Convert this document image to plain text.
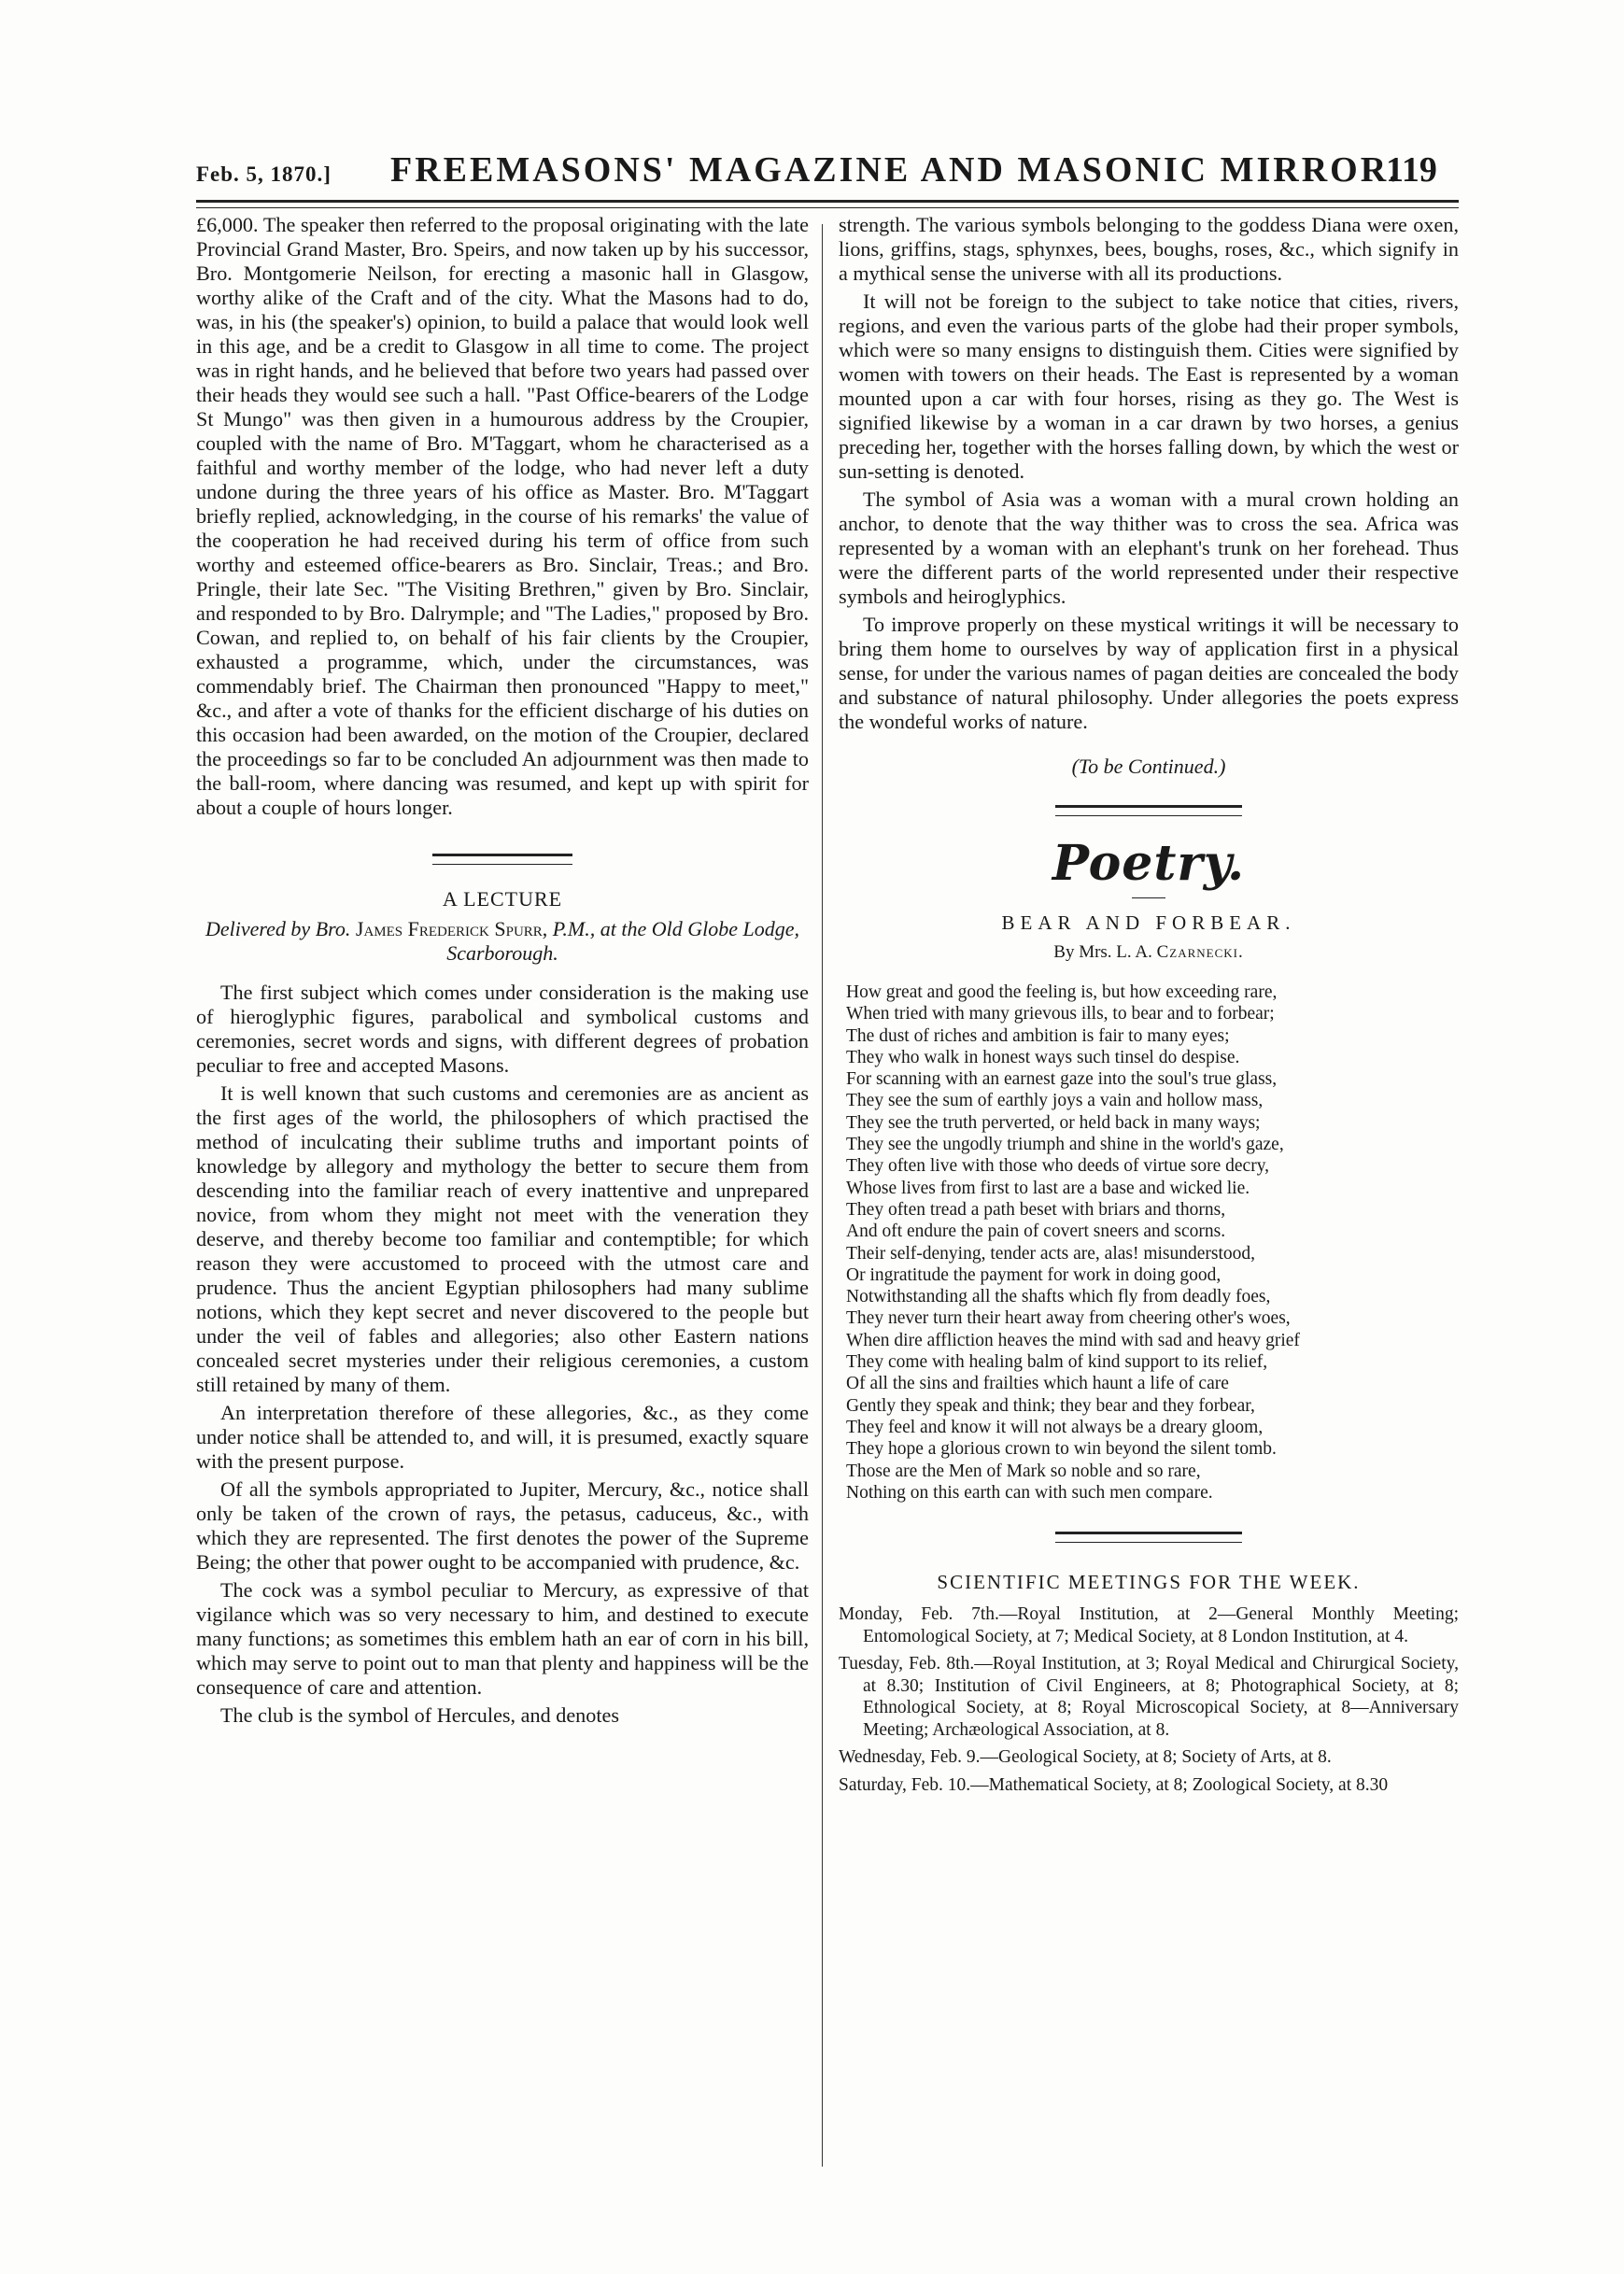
Feb. 5, 1870.] FREEMASONS' MAGAZINE AND MASONIC MIRROR.
119

£6,000. The speaker then referred to the proposal originating with the late Provincial Grand Master, Bro. Speirs, and now taken up by his successor, Bro. Montgomerie Neilson, for erecting a masonic hall in Glasgow, worthy alike of the Craft and of the city. What the Masons had to do, was, in his (the speaker's) opinion, to build a palace that would look well in this age, and be a credit to Glasgow in all time to come. The project was in right hands, and he believed that before two years had passed over their heads they would see such a hall. "Past Office-bearers of the Lodge St Mungo" was then given in a humourous address by the Croupier, coupled with the name of Bro. M'Taggart, whom he characterised as a faithful and worthy member of the lodge, who had never left a duty undone during the three years of his office as Master. Bro. M'Taggart briefly replied, acknowledging, in the course of his remarks' the value of the cooperation he had received during his term of office from such worthy and esteemed office-bearers as Bro. Sinclair, Treas.; and Bro. Pringle, their late Sec. "The Visiting Brethren," given by Bro. Sinclair, and responded to by Bro. Dalrymple; and "The Ladies," proposed by Bro. Cowan, and replied to, on behalf of his fair clients by the Croupier, exhausted a programme, which, under the circumstances, was commendably brief. The Chairman then pronounced "Happy to meet," &c., and after a vote of thanks for the efficient discharge of his duties on this occasion had been awarded, on the motion of the Croupier, declared the proceedings so far to be concluded An adjournment was then made to the ball-room, where dancing was resumed, and kept up with spirit for about a couple of hours longer.

A LECTURE

Delivered by Bro. James Frederick Spurr, P.M., at the Old Globe Lodge, Scarborough.

The first subject which comes under consideration is the making use of hieroglyphic figures, parabolical and symbolical customs and ceremonies, secret words and signs, with different degrees of probation peculiar to free and accepted Masons.

It is well known that such customs and ceremonies are as ancient as the first ages of the world, the philosophers of which practised the method of inculcating their sublime truths and important points of knowledge by allegory and mythology the better to secure them from descending into the familiar reach of every inattentive and unprepared novice, from whom they might not meet with the veneration they deserve, and thereby become too familiar and contemptible; for which reason they were accustomed to proceed with the utmost care and prudence. Thus the ancient Egyptian philosophers had many sublime notions, which they kept secret and never discovered to the people but under the veil of fables and allegories; also other Eastern nations concealed secret mysteries under their religious ceremonies, a custom still retained by many of them.

An interpretation therefore of these allegories, &c., as they come under notice shall be attended to, and will, it is presumed, exactly square with the present purpose.

Of all the symbols appropriated to Jupiter, Mercury, &c., notice shall only be taken of the crown of rays, the petasus, caduceus, &c., with which they are represented. The first denotes the power of the Supreme Being; the other that power ought to be accompanied with prudence, &c.

The cock was a symbol peculiar to Mercury, as expressive of that vigilance which was so very necessary to him, and destined to execute many functions; as sometimes this emblem hath an ear of corn in his bill, which may serve to point out to man that plenty and happiness will be the consequence of care and attention.

The club is the symbol of Hercules, and denotes

strength. The various symbols belonging to the goddess Diana were oxen, lions, griffins, stags, sphynxes, bees, boughs, roses, &c., which signify in a mythical sense the universe with all its productions.

It will not be foreign to the subject to take notice that cities, rivers, regions, and even the various parts of the globe had their proper symbols, which were so many ensigns to distinguish them. Cities were signified by women with towers on their heads. The East is represented by a woman mounted upon a car with four horses, rising as they go. The West is signified likewise by a woman in a car drawn by two horses, a genius preceding her, together with the horses falling down, by which the west or sun-setting is denoted.

The symbol of Asia was a woman with a mural crown holding an anchor, to denote that the way thither was to cross the sea. Africa was represented by a woman with an elephant's trunk on her forehead. Thus were the different parts of the world represented under their respective symbols and heiroglyphics.

To improve properly on these mystical writings it will be necessary to bring them home to ourselves by way of application first in a physical sense, for under the various names of pagan deities are concealed the body and substance of natural philosophy. Under allegories the poets express the wondeful works of nature.

(To be Continued.)

Poetry.

BEAR AND FORBEAR.

By Mrs. L. A. Czarnecki.

How great and good the feeling is, but how exceeding rare,
When tried with many grievous ills, to bear and to forbear;
The dust of riches and ambition is fair to many eyes;
They who walk in honest ways such tinsel do despise.
For scanning with an earnest gaze into the soul's true glass,
They see the sum of earthly joys a vain and hollow mass,
They see the truth perverted, or held back in many ways;
They see the ungodly triumph and shine in the world's gaze,
They often live with those who deeds of virtue sore decry,
Whose lives from first to last are a base and wicked lie.
They often tread a path beset with briars and thorns,
And oft endure the pain of covert sneers and scorns.
Their self-denying, tender acts are, alas! misunderstood,
Or ingratitude the payment for work in doing good,
Notwithstanding all the shafts which fly from deadly foes,
They never turn their heart away from cheering other's woes,
When dire affliction heaves the mind with sad and heavy grief
They come with healing balm of kind support to its relief,
Of all the sins and frailties which haunt a life of care
Gently they speak and think; they bear and they forbear,
They feel and know it will not always be a dreary gloom,
They hope a glorious crown to win beyond the silent tomb.
Those are the Men of Mark so noble and so rare,
Nothing on this earth can with such men compare.

SCIENTIFIC MEETINGS FOR THE WEEK.

Monday, Feb. 7th.—Royal Institution, at 2—General Monthly Meeting; Entomological Society, at 7; Medical Society, at 8 London Institution, at 4.

Tuesday, Feb. 8th.—Royal Institution, at 3; Royal Medical and Chirurgical Society, at 8.30; Institution of Civil Engineers, at 8; Photographical Society, at 8; Ethnological Society, at 8; Royal Microscopical Society, at 8—Anniversary Meeting; Archæological Association, at 8.

Wednesday, Feb. 9.—Geological Society, at 8; Society of Arts, at 8.

Saturday, Feb. 10.—Mathematical Society, at 8; Zoological Society, at 8.30
